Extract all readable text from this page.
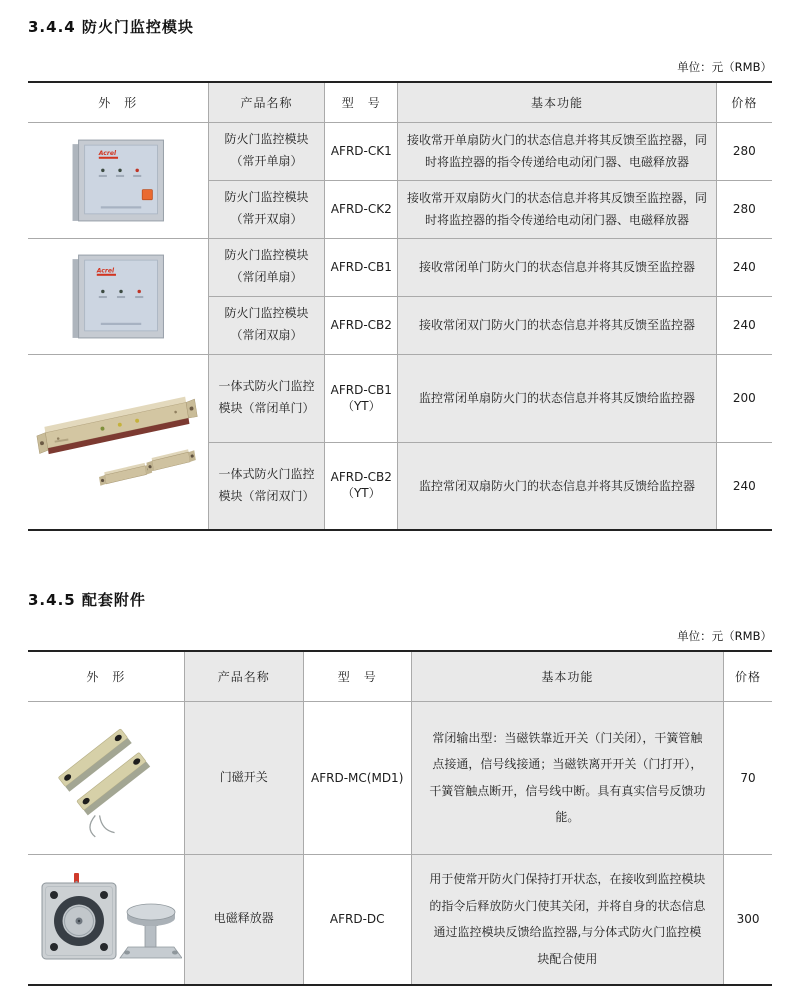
3.4.4 防火门监控模块
单位：元（RMB）
外　形	产品名称	型　号	基本功能	价格

Acrel	防火门监控模块（常开单扇）	AFRD-CK1	接收常开单扇防火门的状态信息并将其反馈至监控器，同时将监控器的指令传递给电动闭门器、电磁释放器	280
	防火门监控模块（常开双扇）	AFRD-CK2	接收常开双扇防火门的状态信息并将其反馈至监控器，同时将监控器的指令传递给电动闭门器、电磁释放器	280

Acrel	防火门监控模块（常闭单扇）	AFRD-CB1	接收常闭单门防火门的状态信息并将其反馈至监控器	240
	防火门监控模块（常闭双扇）	AFRD-CB2	接收常闭双门防火门的状态信息并将其反馈至监控器	240

	一体式防火门监控模块（常闭单门）	AFRD-CB1（YT）	监控常闭单扇防火门的状态信息并将其反馈给监控器	200
	一体式防火门监控模块（常闭双门）	AFRD-CB2（YT）	监控常闭双扇防火门的状态信息并将其反馈给监控器	240
3.4.5 配套附件
单位：元（RMB）
外　形	产品名称	型　号	基本功能	价格

	门磁开关	AFRD-MC(MD1)	常闭输出型：当磁铁靠近开关（门关闭），干簧管触点接通，信号线接通；当磁铁离开开关（门打开），干簧管触点断开，信号线中断。具有真实信号反馈功能。	70

	电磁释放器	AFRD-DC	用于使常开防火门保持打开状态，在接收到监控模块的指令后释放防火门使其关闭，并将自身的状态信息通过监控模块反馈给监控器,与分体式防火门监控模块配合使用	300
